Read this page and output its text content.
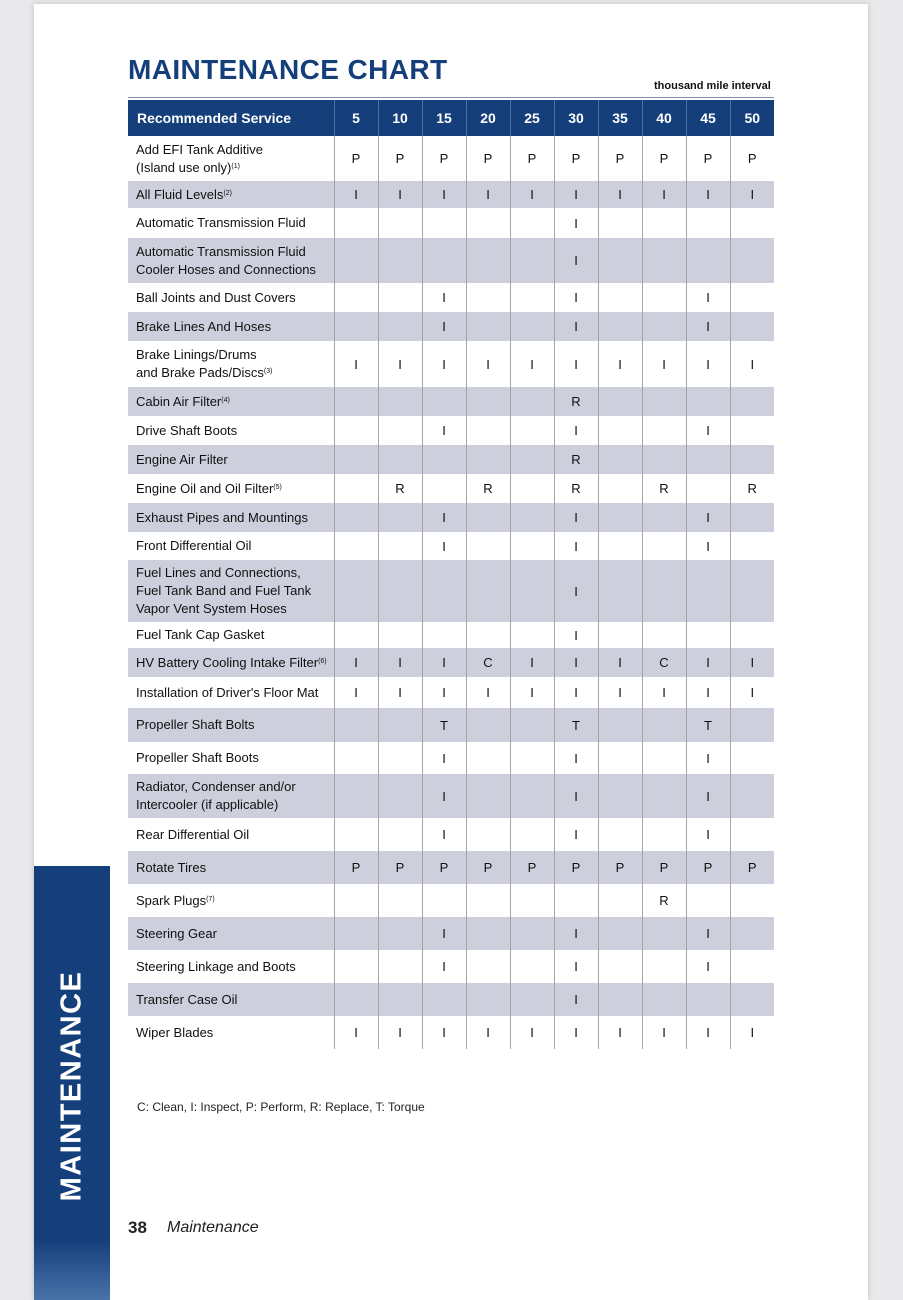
MAINTENANCE
MAINTENANCE CHART
thousand mile interval
Recommended Service	5	10	15	20	25	30	35	40	45	50
Add EFI Tank Additive
(Island use only)$^{(1)}$	P	P	P	P	P	P	P	P	P	P
All Fluid Levels$^{(2)}$	I	I	I	I	I	I	I	I	I	I
Automatic Transmission Fluid						I				
Automatic Transmission Fluid
Cooler Hoses and Connections						I				
Ball Joints and Dust Covers			I			I			I	
Brake Lines And Hoses			I			I			I	
Brake Linings/Drums
and Brake Pads/Discs$^{(3)}$	I	I	I	I	I	I	I	I	I	I
Cabin Air Filter$^{(4)}$						R				
Drive Shaft Boots			I			I			I	
Engine Air Filter						R				
Engine Oil and Oil Filter$^{(5)}$		R		R		R		R		R
Exhaust Pipes and Mountings			I			I			I	
Front Differential Oil			I			I			I	
Fuel Lines and Connections,
Fuel Tank Band and Fuel Tank
Vapor Vent System Hoses						I				
Fuel Tank Cap Gasket						I				
HV Battery Cooling Intake Filter$^{(6)}$	I	I	I	C	I	I	I	C	I	I
Installation of Driver's Floor Mat	I	I	I	I	I	I	I	I	I	I
Propeller Shaft Bolts			T			T			T	
Propeller Shaft Boots			I			I			I	
Radiator, Condenser and/or
Intercooler (if applicable)			I			I			I	
Rear Differential Oil			I			I			I	
Rotate Tires	P	P	P	P	P	P	P	P	P	P
Spark Plugs$^{(7)}$								R		
Steering Gear			I			I			I	
Steering Linkage and Boots			I			I			I	
Transfer Case Oil						I				
Wiper Blades	I	I	I	I	I	I	I	I	I	I
C: Clean, I: Inspect, P: Perform, R: Replace, T: Torque
38 Maintenance
